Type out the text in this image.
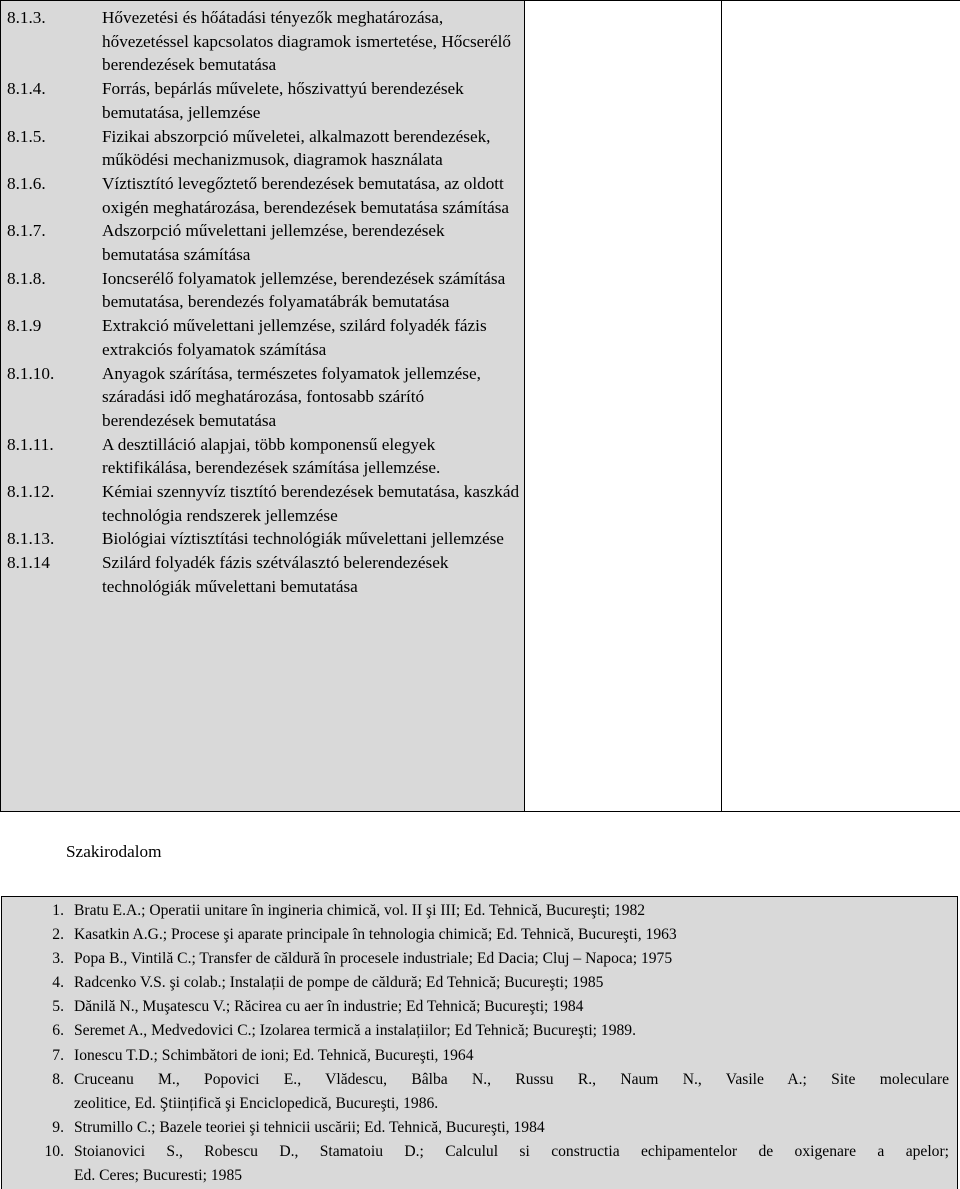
8.1.3.	Hővezetési és hőátadási tényezők meghatározása, hővezetéssel kapcsolatos diagramok ismertetése, Hőcserélő berendezések bemutatása
8.1.4.	Forrás, bepárlás művelete, hőszivattyú berendezések bemutatása, jellemzése
8.1.5.	Fizikai abszorpció műveletei, alkalmazott berendezések, működési mechanizmusok, diagramok használata
8.1.6.	Víztisztító levegőztető berendezések bemutatása, az oldott oxigén meghatározása, berendezések bemutatása számítása
8.1.7.	Adszorpció művelettani jellemzése, berendezések bemutatása számítása
8.1.8.	Ioncserélő folyamatok jellemzése, berendezések számítása bemutatása, berendezés folyamatábrák bemutatása
8.1.9	Extrakció művelettani jellemzése, szilárd folyadék fázis extrakciós folyamatok számítása
8.1.10.	Anyagok szárítása, természetes folyamatok jellemzése, száradási idő meghatározása, fontosabb szárító berendezések bemutatása
8.1.11.	A desztilláció alapjai, több komponensű elegyek rektifikálása, berendezések számítása jellemzése.
8.1.12.	Kémiai szennyvíz tisztító berendezések bemutatása, kaszkád technológia rendszerek jellemzése
8.1.13.	Biológiai víztisztítási technológiák művelettani jellemzése
8.1.14	Szilárd folyadék fázis szétválasztó belerendezések technológiák művelettani bemutatása

Szakirodalom
1. Bratu E.A.; Operatii unitare în ingineria chimică, vol. II şi III; Ed. Tehnică, Bucureşti; 1982
2. Kasatkin A.G.; Procese şi aparate principale în tehnologia chimică; Ed. Tehnică, Bucureşti, 1963
3. Popa B., Vintilă C.; Transfer de căldură în procesele industriale; Ed Dacia; Cluj – Napoca; 1975
4. Radcenko V.S. şi colab.; Instalații de pompe de căldură; Ed Tehnică; Bucureşti; 1985
5. Dănilă N., Muşatescu V.; Răcirea cu aer în industrie; Ed Tehnică; Bucureşti; 1984
6. Seremet A., Medvedovici C.; Izolarea termică a instalațiilor; Ed Tehnică; Bucureşti; 1989.
7. Ionescu T.D.; Schimbători de ioni; Ed. Tehnică, Bucureşti, 1964
8. Cruceanu M., Popovici E., Vlădescu, Bâlba N., Russu R., Naum N., Vasile A.; Site moleculare
zeolitice, Ed. Ştiințifică şi Enciclopedică, Bucureşti, 1986.
9. Strumillo C.; Bazele teoriei şi tehnicii uscării; Ed. Tehnică, Bucureşti, 1984
10. Stoianovici S., Robescu D., Stamatoiu D.; Calculul si constructia echipamentelor de oxigenare a apelor;
Ed. Ceres; Bucuresti; 1985
